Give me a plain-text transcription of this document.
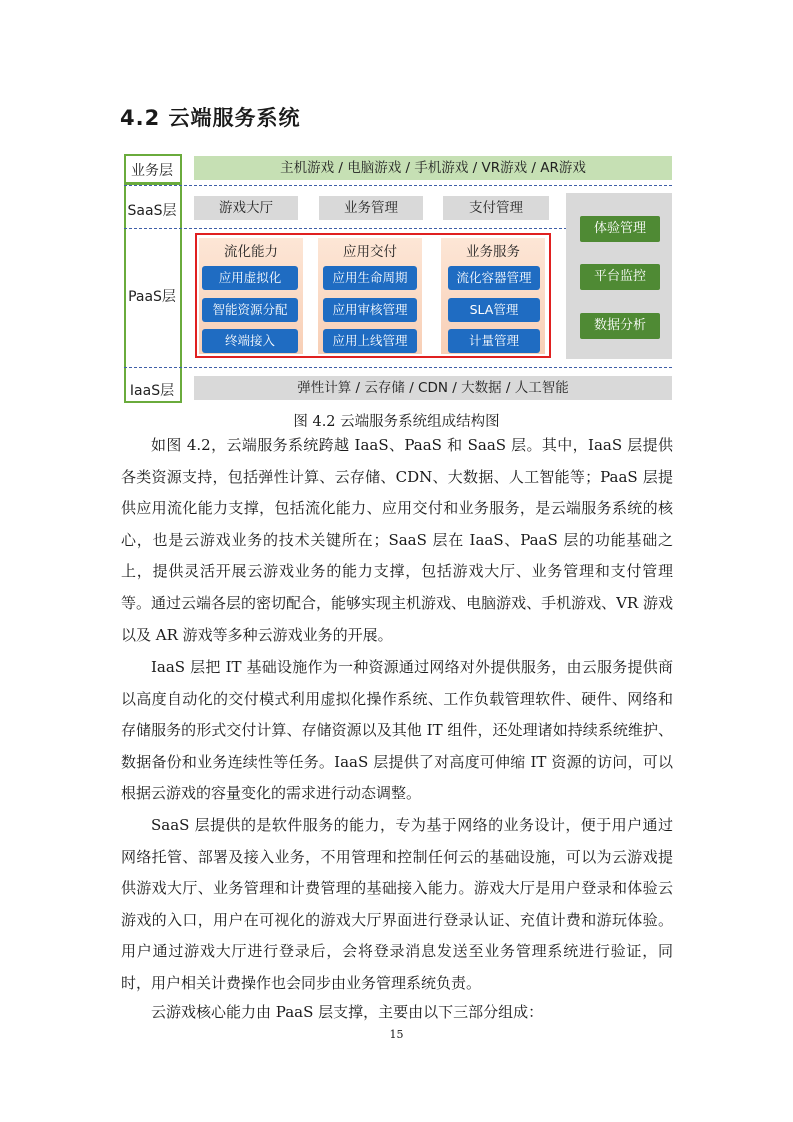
4.2 云端服务系统
业务层
SaaS层
PaaS层
IaaS层
主机游戏 / 电脑游戏 / 手机游戏 / VR游戏 / AR游戏
游戏大厅	业务管理	支付管理
体验管理
平台监控
数据分析
流化能力	应用交付	业务服务
应用虚拟化
智能资源分配
终端接入
应用生命周期
应用审核管理
应用上线管理
流化容器管理
SLA管理
计量管理
弹性计算 / 云存储 / CDN / 大数据 / 人工智能
图 4.2 云端服务系统组成结构图

如图 4.2，云端服务系统跨越 IaaS、PaaS 和 SaaS 层。其中，IaaS 层提供各类资源支持，包括弹性计算、云存储、CDN、大数据、人工智能等；PaaS 层提供应用流化能力支撑，包括流化能力、应用交付和业务服务，是云端服务系统的核心，也是云游戏业务的技术关键所在；SaaS 层在 IaaS、PaaS 层的功能基础之上，提供灵活开展云游戏业务的能力支撑，包括游戏大厅、业务管理和支付管理等。通过云端各层的密切配合，能够实现主机游戏、电脑游戏、手机游戏、VR 游戏以及 AR 游戏等多种云游戏业务的开展。

IaaS 层把 IT 基础设施作为一种资源通过网络对外提供服务，由云服务提供商以高度自动化的交付模式利用虚拟化操作系统、工作负载管理软件、硬件、网络和存储服务的形式交付计算、存储资源以及其他 IT 组件，还处理诸如持续系统维护、数据备份和业务连续性等任务。IaaS 层提供了对高度可伸缩 IT 资源的访问，可以根据云游戏的容量变化的需求进行动态调整。

SaaS 层提供的是软件服务的能力，专为基于网络的业务设计，便于用户通过网络托管、部署及接入业务，不用管理和控制任何云的基础设施，可以为云游戏提供游戏大厅、业务管理和计费管理的基础接入能力。游戏大厅是用户登录和体验云游戏的入口，用户在可视化的游戏大厅界面进行登录认证、充值计费和游玩体验。用户通过游戏大厅进行登录后，会将登录消息发送至业务管理系统进行验证，同时，用户相关计费操作也会同步由业务管理系统负责。

云游戏核心能力由 PaaS 层支撑，主要由以下三部分组成：

15
